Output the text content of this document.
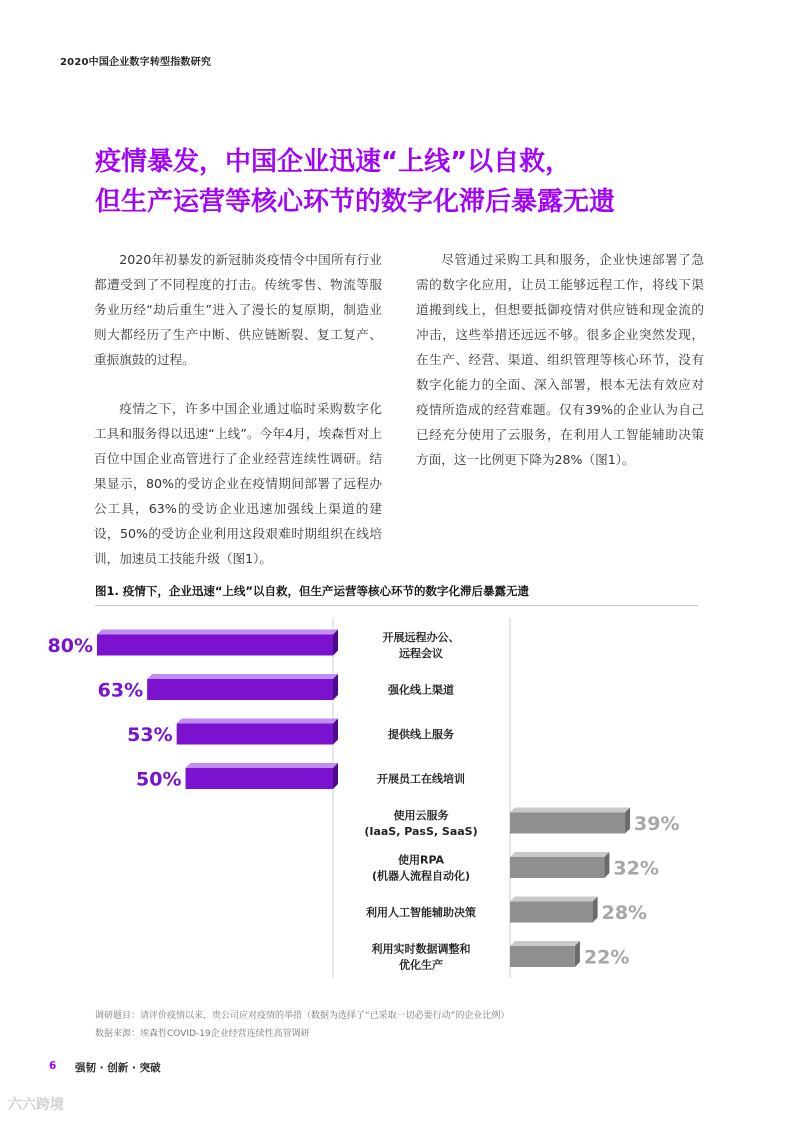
2020中国企业数字转型指数研究
疫情暴发，中国企业迅速“上线”以自救，
但生产运营等核心环节的数字化滞后暴露无遗

2020年初暴发的新冠肺炎疫情令中国所有行业都遭受到了不同程度的打击。传统零售、物流等服务业历经“劫后重生”进入了漫长的复原期，制造业则大都经历了生产中断、供应链断裂、复工复产、重振旗鼓的过程。

疫情之下，许多中国企业通过临时采购数字化工具和服务得以迅速“上线”。今年4月，埃森哲对上百位中国企业高管进行了企业经营连续性调研。结果显示，80%的受访企业在疫情期间部署了远程办公工具，63%的受访企业迅速加强线上渠道的建设，50%的受访企业利用这段艰难时期组织在线培训，加速员工技能升级（图1）。

尽管通过采购工具和服务，企业快速部署了急需的数字化应用，让员工能够远程工作，将线下渠道搬到线上，但想要抵御疫情对供应链和现金流的冲击，这些举措还远远不够。很多企业突然发现，在生产、经营、渠道、组织管理等核心环节，没有数字化能力的全面、深入部署，根本无法有效应对疫情所造成的经营难题。仅有39%的企业认为自己已经充分使用了云服务，在利用人工智能辅助决策方面，这一比例更下降为28%（图1）。

图1. 疫情下，企业迅速“上线”以自救，但生产运营等核心环节的数字化滞后暴露无遗
80%	开展远程办公、
远程会议
63%	强化线上渠道
53%	提供线上服务
50%	开展员工在线培训
39%
使用云服务
(IaaS, PasS, SaaS)
32%
使用RPA
(机器人流程自动化)
28%
利用人工智能辅助决策
22%
利用实时数据调整和
优化生产
调研题目：请评价疫情以来，贵公司应对疫情的举措（数据为选择了“已采取一切必要行动”的企业比例）
数据来源：埃森哲COVID-19企业经营连续性高管调研
6 强韧 · 创新 · 突破
六六跨境
